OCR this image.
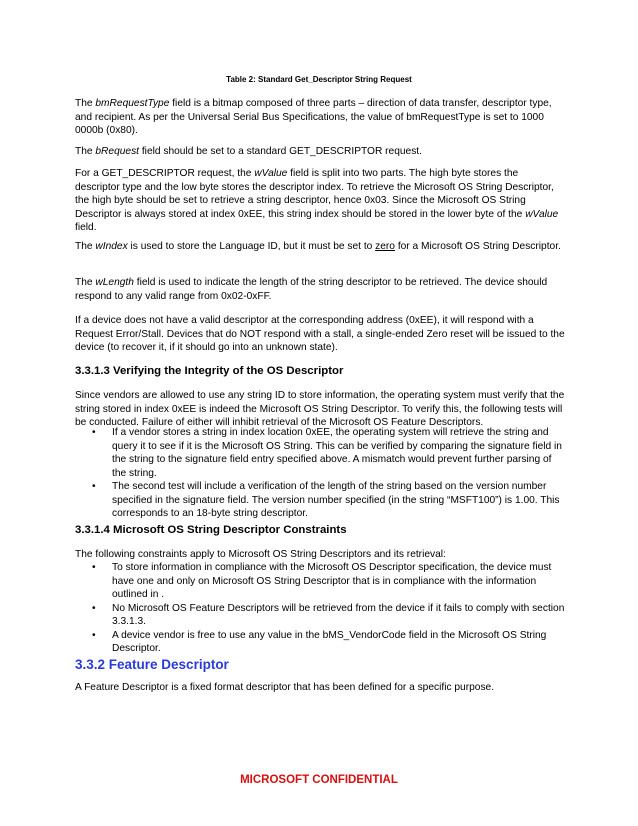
Table 2: Standard Get_Descriptor String Request

The bmRequestType field is a bitmap composed of three parts – direction of data transfer, descriptor type, and recipient. As per the Universal Serial Bus Specifications, the value of bmRequestType is set to 1000 0000b (0x80).

The bRequest field should be set to a standard GET_DESCRIPTOR request.

For a GET_DESCRIPTOR request, the wValue field is split into two parts. The high byte stores the descriptor type and the low byte stores the descriptor index. To retrieve the Microsoft OS String Descriptor, the high byte should be set to retrieve a string descriptor, hence 0x03. Since the Microsoft OS String Descriptor is always stored at index 0xEE, this string index should be stored in the lower byte of the wValue field.

The wIndex is used to store the Language ID, but it must be set to zero for a Microsoft OS String Descriptor.

The wLength field is used to indicate the length of the string descriptor to be retrieved. The device should respond to any valid range from 0x02-0xFF.

If a device does not have a valid descriptor at the corresponding address (0xEE), it will respond with a Request Error/Stall. Devices that do NOT respond with a stall, a single-ended Zero reset will be issued to the device (to recover it, if it should go into an unknown state).

3.3.1.3 Verifying the Integrity of the OS Descriptor

Since vendors are allowed to use any string ID to store information, the operating system must verify that the string stored in index 0xEE is indeed the Microsoft OS String Descriptor. To verify this, the following tests will be conducted. Failure of either will inhibit retrieval of the Microsoft OS Feature Descriptors.

• If a vendor stores a string in index location 0xEE, the operating system will retrieve the string and query it to see if it is the Microsoft OS String. This can be verified by comparing the signature field in the string to the signature field entry specified above. A mismatch would prevent further parsing of the string.
• The second test will include a verification of the length of the string based on the version number specified in the signature field. The version number specified (in the string “MSFT100”) is 1.00. This corresponds to an 18-byte string descriptor.
3.3.1.4 Microsoft OS String Descriptor Constraints

The following constraints apply to Microsoft OS String Descriptors and its retrieval:

• To store information in compliance with the Microsoft OS Descriptor specification, the device must have one and only on Microsoft OS String Descriptor that is in compliance with the information outlined in .
• No Microsoft OS Feature Descriptors will be retrieved from the device if it fails to comply with section 3.3.1.3.
• A device vendor is free to use any value in the bMS_VendorCode field in the Microsoft OS String Descriptor.
3.3.2 Feature Descriptor

A Feature Descriptor is a fixed format descriptor that has been defined for a specific purpose.

MICROSOFT CONFIDENTIAL
